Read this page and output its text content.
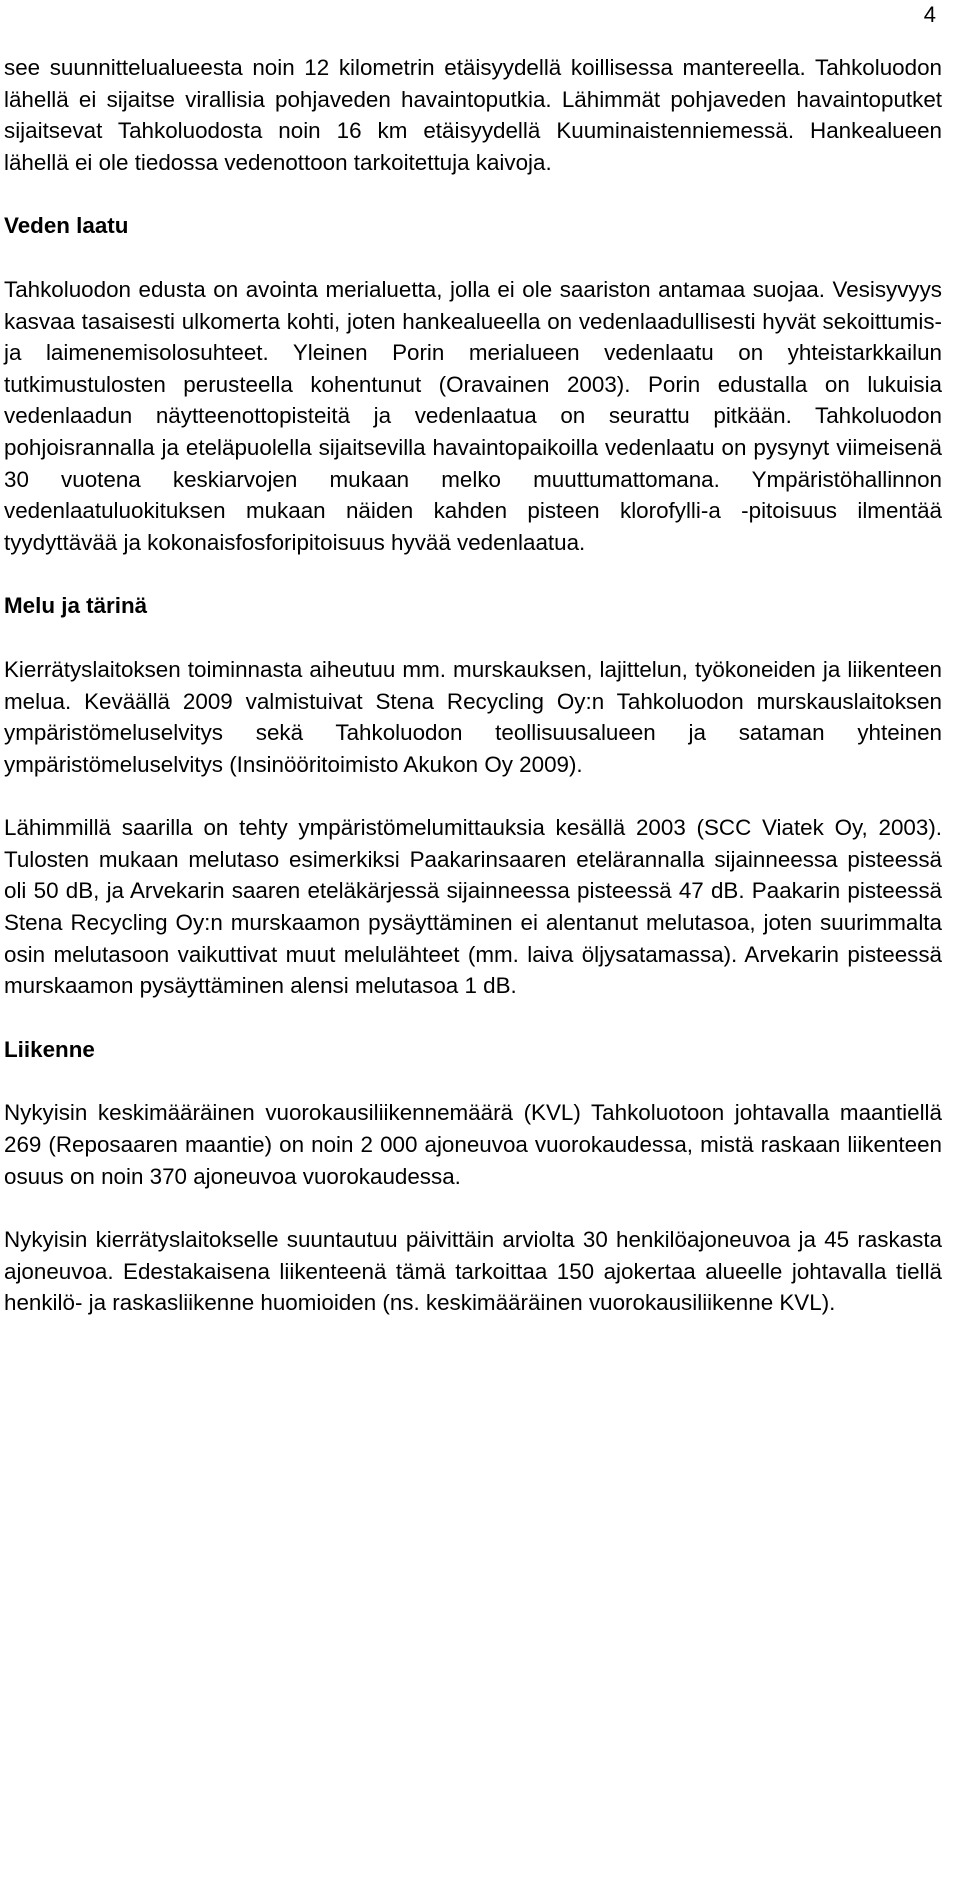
4

see suunnittelualueesta noin 12 kilometrin etäisyydellä koillisessa mantereella. Tahkoluodon lähellä ei sijaitse virallisia pohjaveden havaintoputkia. Lähimmät pohjaveden havaintoputket sijaitsevat Tahkoluodosta noin 16 km etäisyydellä Kuuminaistenniemessä. Hankealueen lähellä ei ole tiedossa vedenottoon tarkoitettuja kaivoja.

Veden laatu

Tahkoluodon edusta on avointa merialuetta, jolla ei ole saariston antamaa suojaa. Vesisyvyys kasvaa tasaisesti ulkomerta kohti, joten hankealueella on vedenlaadullisesti hyvät sekoittumis- ja laimenemisolosuhteet. Yleinen Porin merialueen vedenlaatu on yhteistarkkailun tutkimustulosten perusteella kohentunut (Oravainen 2003). Porin edustalla on lukuisia vedenlaadun näytteenottopisteitä ja vedenlaatua on seurattu pitkään. Tahkoluodon pohjoisrannalla ja eteläpuolella sijaitsevilla havaintopaikoilla vedenlaatu on pysynyt viimeisenä 30 vuotena keskiarvojen mukaan melko muuttumattomana. Ympäristöhallinnon vedenlaatuluokituksen mukaan näiden kahden pisteen klorofylli-a -pitoisuus ilmentää tyydyttävää ja kokonaisfosforipitoisuus hyvää vedenlaatua.

Melu ja tärinä

Kierrätyslaitoksen toiminnasta aiheutuu mm. murskauksen, lajittelun, työkoneiden ja liikenteen melua. Keväällä 2009 valmistuivat Stena Recycling Oy:n Tahkoluodon murskauslaitoksen ympäristömeluselvitys sekä Tahkoluodon teollisuusalueen ja sataman yhteinen ympäristömeluselvitys (Insinööritoimisto Akukon Oy 2009).

Lähimmillä saarilla on tehty ympäristömelumittauksia kesällä 2003 (SCC Viatek Oy, 2003). Tulosten mukaan melutaso esimerkiksi Paakarinsaaren etelärannalla sijainneessa pisteessä oli 50 dB, ja Arvekarin saaren eteläkärjessä sijainneessa pisteessä 47 dB. Paakarin pisteessä Stena Recycling Oy:n murskaamon pysäyttäminen ei alentanut melutasoa, joten suurimmalta osin melutasoon vaikuttivat muut melulähteet (mm. laiva öljysatamassa). Arvekarin pisteessä murskaamon pysäyttäminen alensi melutasoa 1 dB.

Liikenne

Nykyisin keskimääräinen vuorokausiliikennemäärä (KVL) Tahkoluotoon johtavalla maantiellä 269 (Reposaaren maantie) on noin 2 000 ajoneuvoa vuorokaudessa, mistä raskaan liikenteen osuus on noin 370 ajoneuvoa vuorokaudessa.

Nykyisin kierrätyslaitokselle suuntautuu päivittäin arviolta 30 henkilöajoneuvoa ja 45 raskasta ajoneuvoa. Edestakaisena liikenteenä tämä tarkoittaa 150 ajokertaa alueelle johtavalla tiellä henkilö- ja raskasliikenne huomioiden (ns. keskimääräinen vuorokausiliikenne KVL).
